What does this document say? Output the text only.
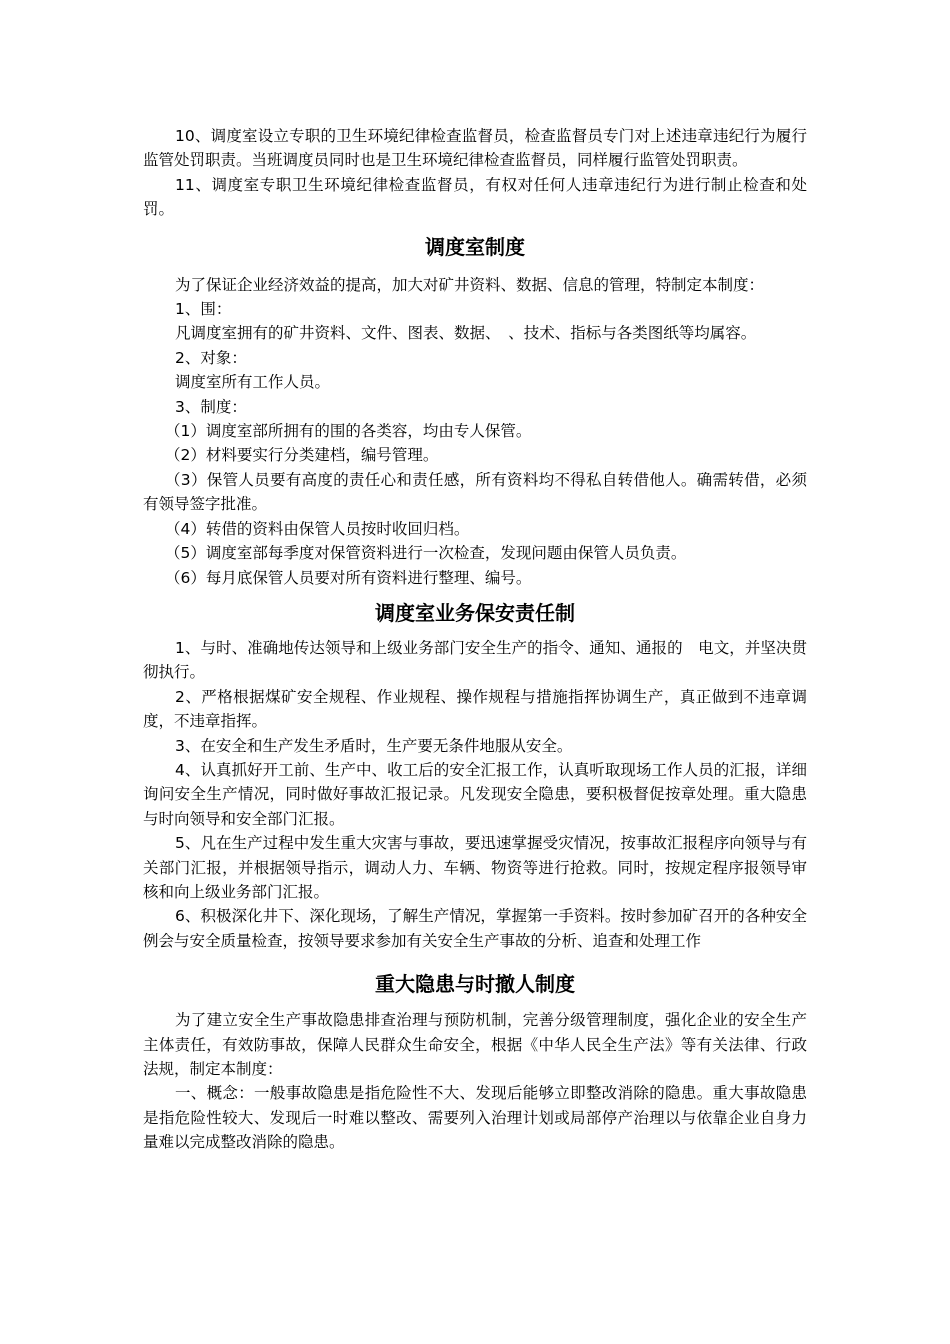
10、调度室设立专职的卫生环境纪律检查监督员，检查监督员专门对上述违章违纪行为履行监管处罚职责。当班调度员同时也是卫生环境纪律检查监督员，同样履行监管处罚职责。

11、调度室专职卫生环境纪律检查监督员，有权对任何人违章违纪行为进行制止检查和处罚。

调度室制度

为了保证企业经济效益的提高，加大对矿井资料、数据、信息的管理，特制定本制度：

1、围：

凡调度室拥有的矿井资料、文件、图表、数据、　、技术、指标与各类图纸等均属容。

2、对象：

调度室所有工作人员。

3、制度：

（1）调度室部所拥有的围的各类容，均由专人保管。

（2）材料要实行分类建档，编号管理。

（3）保管人员要有高度的责任心和责任感，所有资料均不得私自转借他人。确需转借，必须有领导签字批准。

（4）转借的资料由保管人员按时收回归档。

（5）调度室部每季度对保管资料进行一次检查，发现问题由保管人员负责。

（6）每月底保管人员要对所有资料进行整理、编号。

调度室业务保安责任制

1、与时、准确地传达领导和上级业务部门安全生产的指令、通知、通报的　电文，并坚决贯彻执行。

2、严格根据煤矿安全规程、作业规程、操作规程与措施指挥协调生产，真正做到不违章调度，不违章指挥。

3、在安全和生产发生矛盾时，生产要无条件地服从安全。

4、认真抓好开工前、生产中、收工后的安全汇报工作，认真听取现场工作人员的汇报，详细询问安全生产情况，同时做好事故汇报记录。凡发现安全隐患，要积极督促按章处理。重大隐患与时向领导和安全部门汇报。

5、凡在生产过程中发生重大灾害与事故，要迅速掌握受灾情况，按事故汇报程序向领导与有关部门汇报，并根据领导指示，调动人力、车辆、物资等进行抢救。同时，按规定程序报领导审核和向上级业务部门汇报。

6、积极深化井下、深化现场，了解生产情况，掌握第一手资料。按时参加矿召开的各种安全例会与安全质量检查，按领导要求参加有关安全生产事故的分析、追查和处理工作

重大隐患与时撤人制度

为了建立安全生产事故隐患排查治理与预防机制，完善分级管理制度，强化企业的安全生产主体责任，有效防事故，保障人民群众生命安全，根据《中华人民全生产法》等有关法律、行政法规，制定本制度：

一、概念：一般事故隐患是指危险性不大、发现后能够立即整改消除的隐患。重大事故隐患是指危险性较大、发现后一时难以整改、需要列入治理计划或局部停产治理以与依靠企业自身力量难以完成整改消除的隐患。
